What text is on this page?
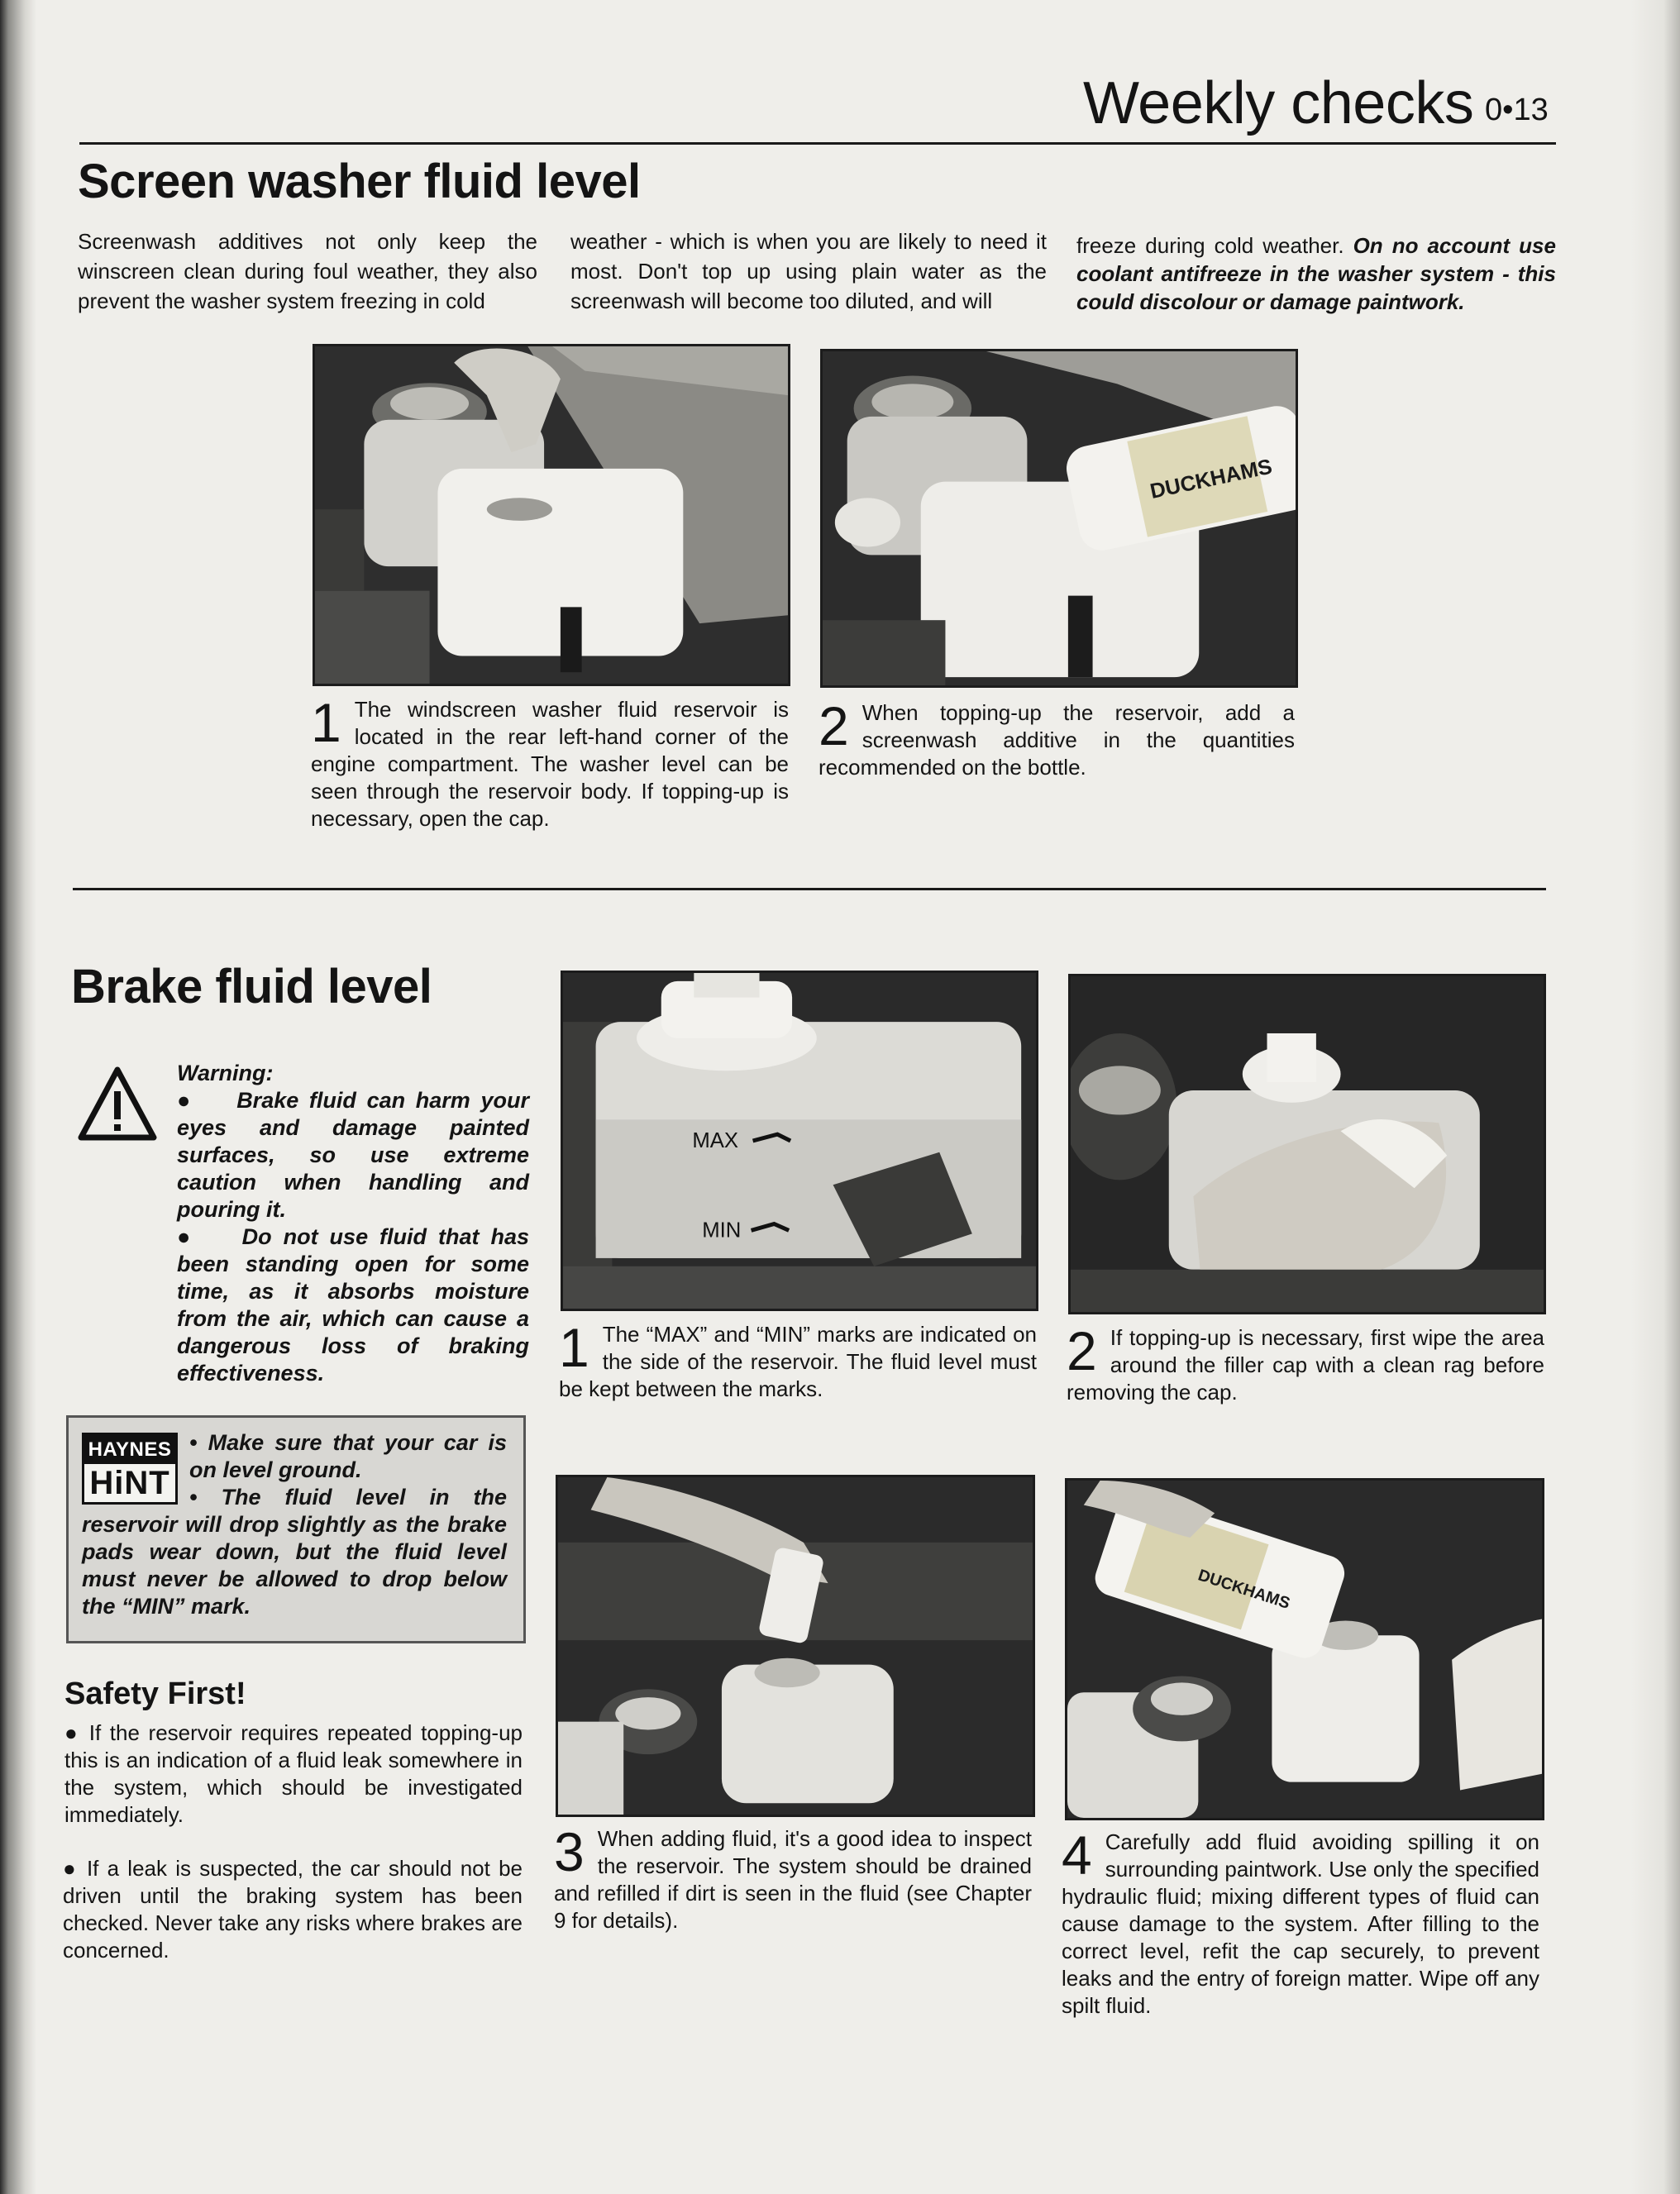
Weekly checks 0•13
Screen washer fluid level
Screenwash additives not only keep the winscreen clean during foul weather, they also prevent the washer system freezing in cold
weather - which is when you are likely to need it most. Don't top up using plain water as the screenwash will become too diluted, and will
freeze during cold weather. On no account use coolant antifreeze in the washer system - this could discolour or damage paintwork.
DUCKHAMS
1 The windscreen washer fluid reservoir is located in the rear left-hand corner of the engine compartment. The washer level can be seen through the reservoir body. If topping-up is necessary, open the cap.
2 When topping-up the reservoir, add a screenwash additive in the quantities recommended on the bottle.
Brake fluid level
Warning:
●    Brake fluid can harm your eyes and damage painted surfaces, so use extreme caution when handling and pouring it.
●    Do not use fluid that has been standing open for some time, as it absorbs moisture from the air, which can cause a dangerous loss of braking effectiveness.
HAYNES
HiNT
• Make sure that your car is on level ground.
• The fluid level in the reservoir will drop slightly as the brake pads wear down, but the fluid level must never be allowed to drop below the “MIN” mark.
Safety First!
● If the reservoir requires repeated topping-up this is an indication of a fluid leak somewhere in the system, which should be investigated immediately.
● If a leak is suspected, the car should not be driven until the braking system has been checked. Never take any risks where brakes are concerned.
MAX
MIN
1 The “MAX” and “MIN” marks are indicated on the side of the reservoir. The fluid level must be kept between the marks.
2 If topping-up is necessary, first wipe the area around the filler cap with a clean rag before removing the cap.
DUCKHAMS
3 When adding fluid, it's a good idea to inspect the reservoir. The system should be drained and refilled if dirt is seen in the fluid (see Chapter 9 for details).
4 Carefully add fluid avoiding spilling it on surrounding paintwork. Use only the specified hydraulic fluid; mixing different types of fluid can cause damage to the system. After filling to the correct level, refit the cap securely, to prevent leaks and the entry of foreign matter. Wipe off any spilt fluid.
